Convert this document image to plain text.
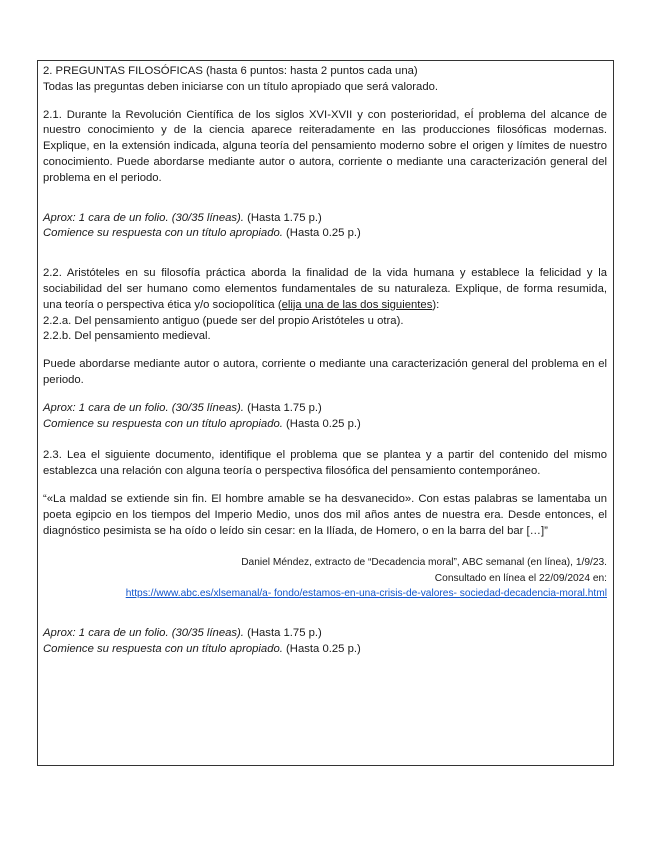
2. PREGUNTAS FILOSÓFICAS (hasta 6 puntos: hasta 2 puntos cada una)

Todas las preguntas deben iniciarse con un título apropiado que será valorado.

2.1. Durante la Revolución Científica de los siglos XVI-XVII y con posterioridad, eÍ problema del alcance de nuestro conocimiento y de la ciencia aparece reiteradamente en las producciones filosóficas modernas. Explique, en la extensión indicada, alguna teoría del pensamiento moderno sobre el origen y límites de nuestro conocimiento. Puede abordarse mediante autor o autora, corriente o mediante una caracterización general del problema en el periodo.

Aprox: 1 cara de un folio. (30/35 líneas). (Hasta 1.75 p.)

Comience su respuesta con un título apropiado. (Hasta 0.25 p.)

2.2. Aristóteles en su filosofía práctica aborda la finalidad de la vida humana y establece la felicidad y la sociabilidad del ser humano como elementos fundamentales de su naturaleza. Explique, de forma resumida, una teoría o perspectiva ética y/o sociopolítica (elija una de las dos siguientes):

2.2.a. Del pensamiento antiguo (puede ser del propio Aristóteles u otra).

2.2.b. Del pensamiento medieval.

Puede abordarse mediante autor o autora, corriente o mediante una caracterización general del problema en el periodo.

Aprox: 1 cara de un folio. (30/35 líneas). (Hasta 1.75 p.)

Comience su respuesta con un título apropiado. (Hasta 0.25 p.)

2.3. Lea el siguiente documento, identifique el problema que se plantea y a partir del contenido del mismo establezca una relación con alguna teoría o perspectiva filosófica del pensamiento contemporáneo.

“«La maldad se extiende sin fin. El hombre amable se ha desvanecido». Con estas palabras se lamentaba un poeta egipcio en los tiempos del Imperio Medio, unos dos mil años antes de nuestra era. Desde entonces, el diagnóstico pesimista se ha oído o leído sin cesar: en la Ilíada, de Homero, o en la barra del bar […]”

Daniel Méndez, extracto de “Decadencia moral”, ABC semanal (en línea), 1/9/23.

Consultado en línea el 22/09/2024 en:

https://www.abc.es/xlsemanal/a- fondo/estamos-en-una-crisis-de-valores- sociedad-decadencia-moral.html

Aprox: 1 cara de un folio. (30/35 líneas). (Hasta 1.75 p.)

Comience su respuesta con un título apropiado. (Hasta 0.25 p.)
